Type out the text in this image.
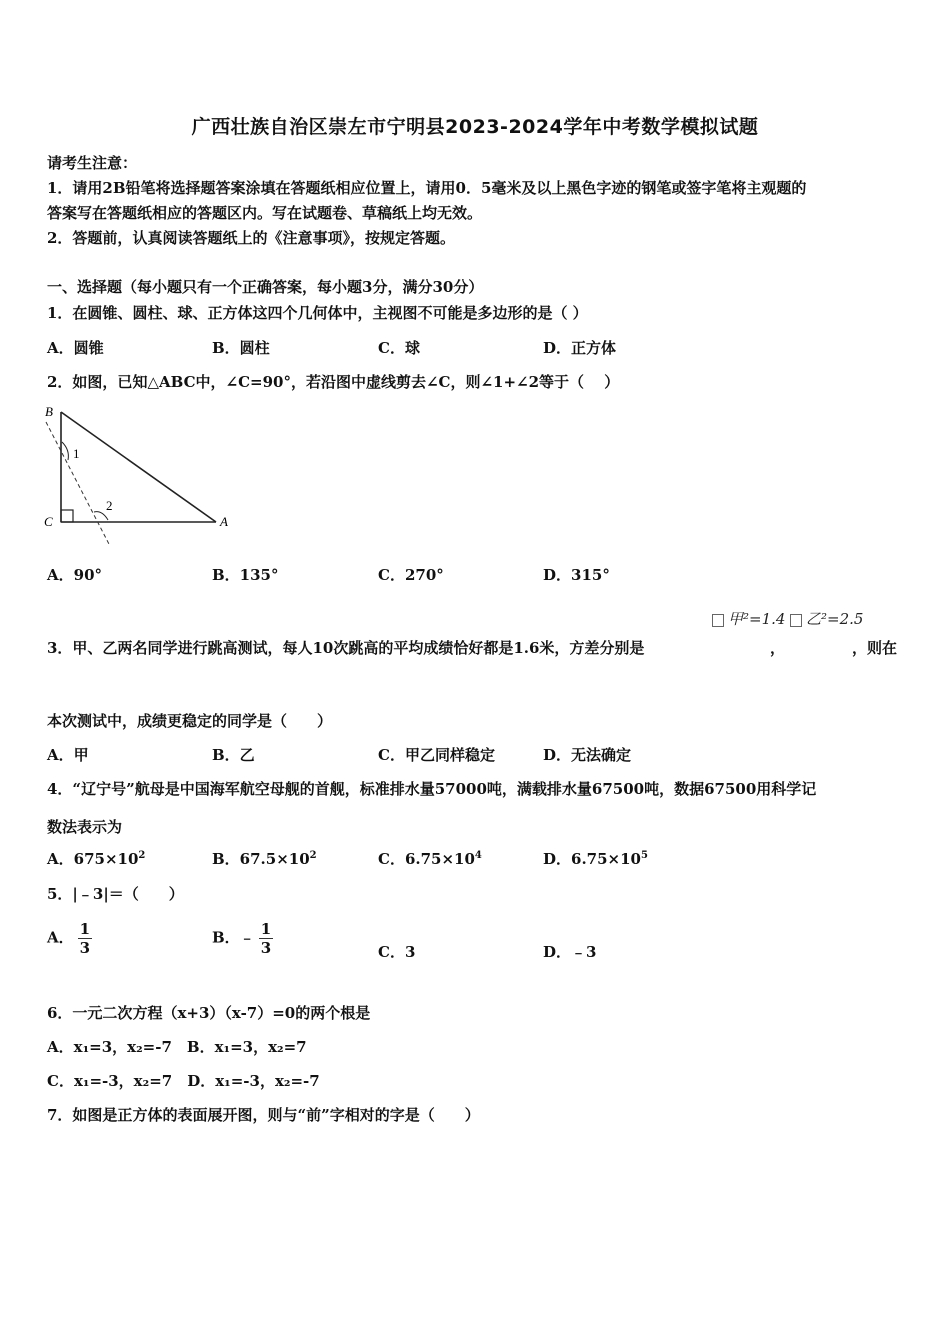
广西壮族自治区崇左市宁明县2023-2024学年中考数学模拟试题
请考生注意：
1．请用2B铅笔将选择题答案涂填在答题纸相应位置上，请用0．5毫米及以上黑色字迹的钢笔或签字笔将主观题的
答案写在答题纸相应的答题区内。写在试题卷、草稿纸上均无效。
2．答题前，认真阅读答题纸上的《注意事项》，按规定答题。
一、选择题（每小题只有一个正确答案，每小题3分，满分30分）
1．在圆锥、圆柱、球、正方体这四个几何体中，主视图不可能是多边形的是（ ）
A．圆锥	B．圆柱	C．球	D．正方体
2．如图，已知△ABC中，∠C=90°，若沿图中虚线剪去∠C，则∠1+∠2等于（　 ）
B
C	A
1
2
A．90°	B．135°	C．270°	D．315°
甲²=1.4	乙²=2.5
3．甲、乙两名同学进行跳高测试，每人10次跳高的平均成绩恰好都是1.6米，方差分别是	，	，则在
本次测试中，成绩更稳定的同学是（　　）
A．甲	B．乙	C．甲乙同样稳定	D．无法确定
4．“辽宁号”航母是中国海军航空母舰的首舰，标准排水量57000吨，满载排水量67500吨，数据67500用科学记
数法表示为
A．$675\times 10^2$	B．$67.5\times 10^2$	C．$6.75\times 10^4$	D．$6.75\times 10^5$
5．|﹣3|＝（　　）
A． $\frac{1}{3}$	B．﹣ $\frac{1}{3}$	C．3	D．﹣3
6．一元二次方程（x+3）（x-7）=0的两个根是
A．x₁=3，x₂=-7　B．x₁=3，x₂=7
C．x₁=-3，x₂=7　D．x₁=-3，x₂=-7
7．如图是正方体的表面展开图，则与“前”字相对的字是（　　）
